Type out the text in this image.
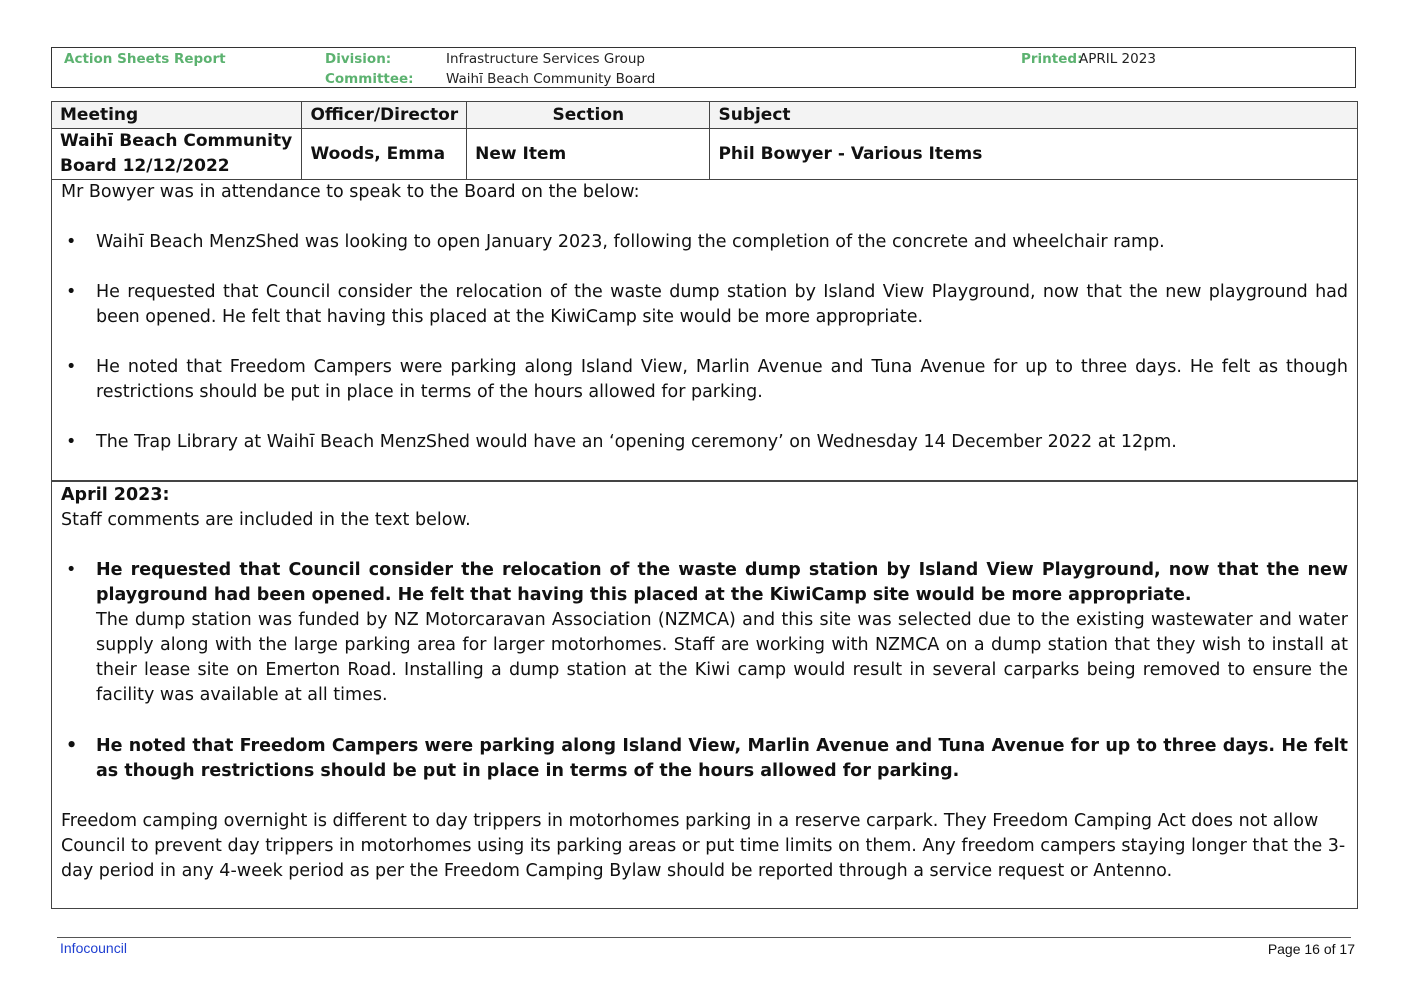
Action Sheets Report	Division:	Infrastructure Services Group
Committee: Waihī Beach Community Board
Printed:
APRIL 2023
Meeting	Officer/Director	Section	Subject

Waihī Beach Community
Board 12/12/2022	Woods, Emma	New Item	Phil Bowyer - Various Items

Mr Bowyer was in attendance to speak to the Board on the below:

• Waihī Beach MenzShed was looking to open January 2023, following the completion of the concrete and wheelchair ramp.

• He requested that Council consider the relocation of the waste dump station by Island View Playground, now that the new playground had been opened. He felt that having this placed at the KiwiCamp site would be more appropriate.

• He noted that Freedom Campers were parking along Island View, Marlin Avenue and Tuna Avenue for up to three days. He felt as though restrictions should be put in place in terms of the hours allowed for parking.

• The Trap Library at Waihī Beach MenzShed would have an ‘opening ceremony’ on Wednesday 14 December 2022 at 12pm.

April 2023:

Staff comments are included in the text below.

• He requested that Council consider the relocation of the waste dump station by Island View Playground, now that the new playground had been opened. He felt that having this placed at the KiwiCamp site would be more appropriate.
The dump station was funded by NZ Motorcaravan Association (NZMCA) and this site was selected due to the existing wastewater and water supply along with the large parking area for larger motorhomes. Staff are working with NZMCA on a dump station that they wish to install at their lease site on Emerton Road. Installing a dump station at the Kiwi camp would result in several carparks being removed to ensure the facility was available at all times.

• He noted that Freedom Campers were parking along Island View, Marlin Avenue and Tuna Avenue for up to three days. He felt as though restrictions should be put in place in terms of the hours allowed for parking.

Freedom camping overnight is different to day trippers in motorhomes parking in a reserve carpark. They Freedom Camping Act does not allow Council to prevent day trippers in motorhomes using its parking areas or put time limits on them. Any freedom campers staying longer that the 3-day period in any 4-week period as per the Freedom Camping Bylaw should be reported through a service request or Antenno.

Infocouncil	Page 16 of 17
